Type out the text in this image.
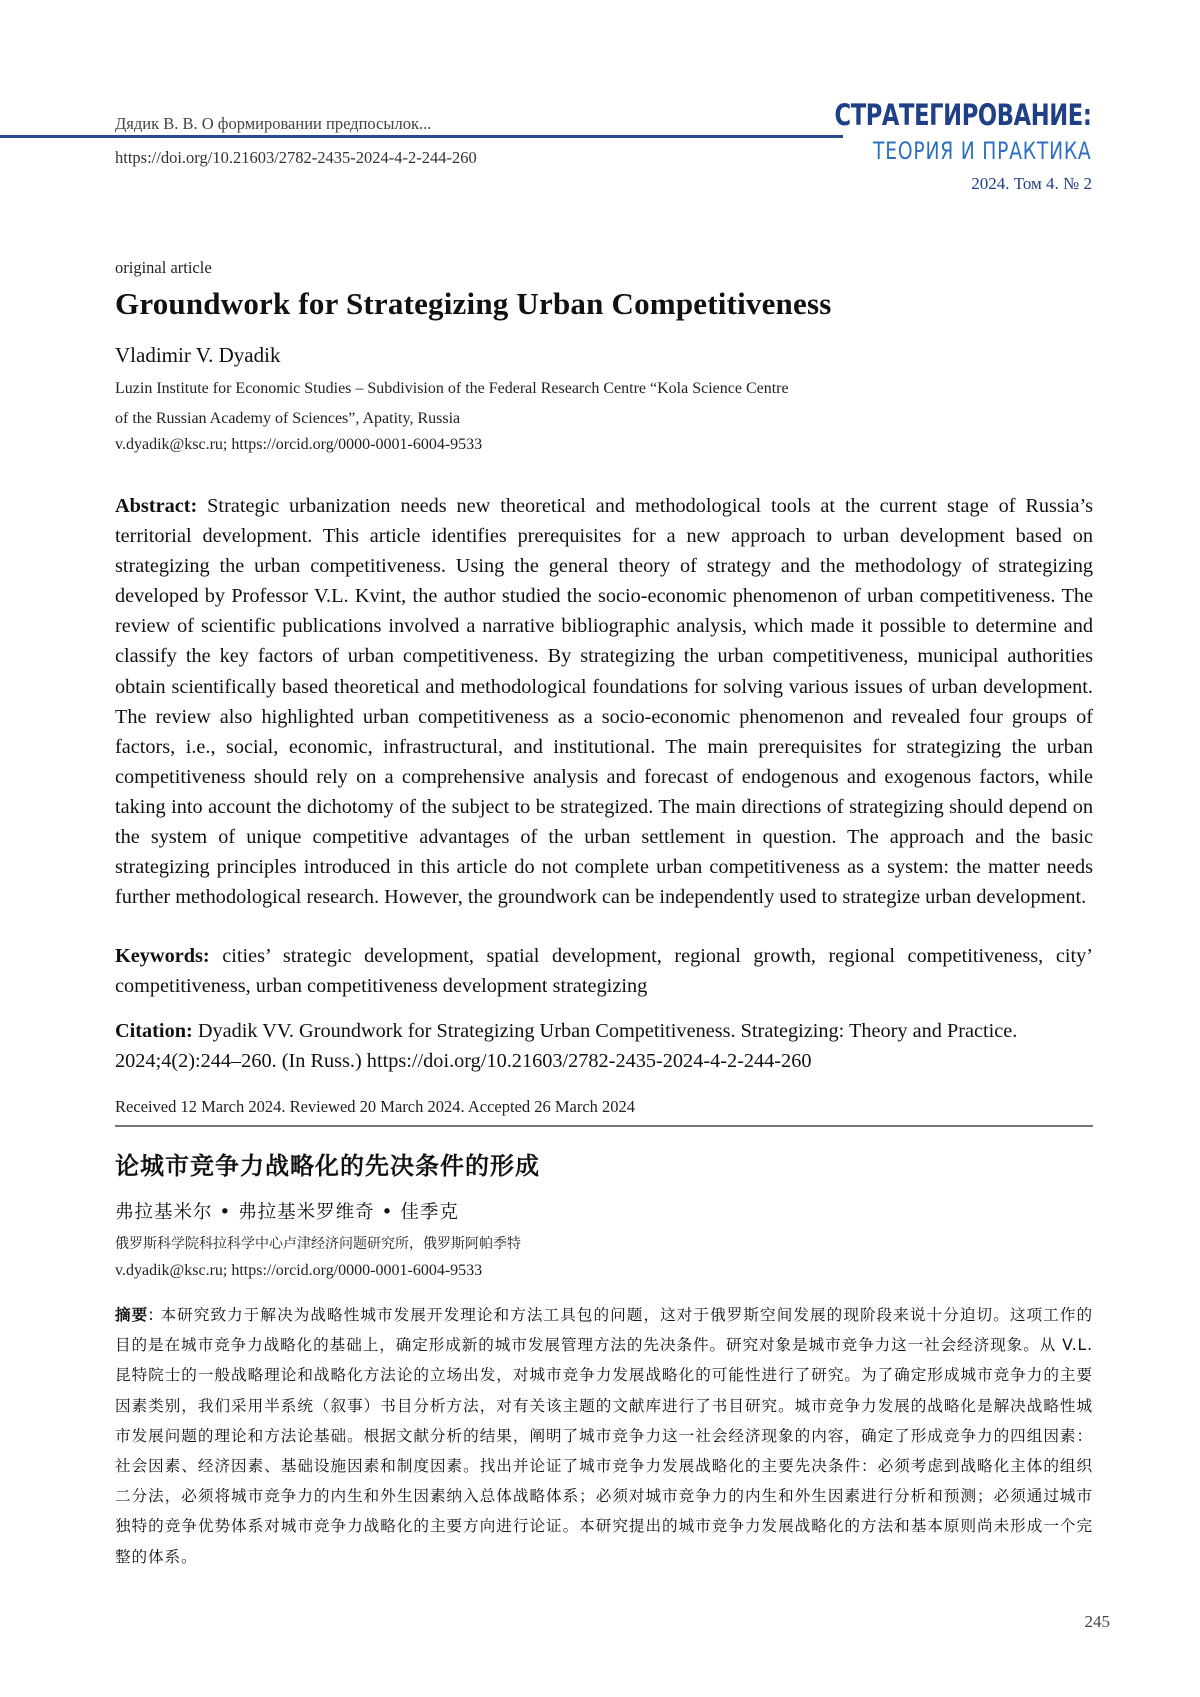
Дядик В. В. О формировании предпосылок...
https://doi.org/10.21603/2782-2435-2024-4-2-244-260
СТРАТЕГИРОВАНИЕ:
ТЕОРИЯ И ПРАКТИКА
2024. Том 4. № 2
original article
Groundwork for Strategizing Urban Competitiveness
Vladimir V. Dyadik
Luzin Institute for Economic Studies – Subdivision of the Federal Research Centre “Kola Science Centre
of the Russian Academy of Sciences”, Apatity, Russia
v.dyadik@ksc.ru; https://orcid.org/0000-0001-6004-9533
Abstract: Strategic urbanization needs new theoretical and methodological tools at the current stage of Russia’s territorial development. This article identifies prerequisites for a new approach to urban development based on strategizing the urban competitiveness. Using the general theory of strategy and the methodology of strategizing developed by Professor V.L. Kvint, the author studied the socio-economic phenomenon of urban competitiveness. The review of scientific publications involved a narrative bibliographic analysis, which made it possible to determine and classify the key factors of urban competitiveness. By strategizing the urban competitiveness, municipal authorities obtain scientifically based theoretical and methodological foundations for solving various issues of urban development. The review also highlighted urban competitiveness as a socio-economic phenomenon and revealed four groups of factors, i.e., social, economic, infrastructural, and institutional. The main prerequisites for strategizing the urban competitiveness should rely on a comprehensive analysis and forecast of endogenous and exogenous factors, while taking into account the dichotomy of the subject to be strategized. The main directions of strategizing should depend on the system of unique competitive advantages of the urban settlement in question. The approach and the basic strategizing principles introduced in this article do not complete urban competitiveness as a system: the matter needs further methodological research. However, the groundwork can be independently used to strategize urban development.
Keywords: cities’ strategic development, spatial development, regional growth, regional competitiveness, city’ competitiveness, urban competitiveness development strategizing
Citation: Dyadik VV. Groundwork for Strategizing Urban Competitiveness. Strategizing: Theory and Practice. 2024;4(2):244–260. (In Russ.) https://doi.org/10.21603/2782-2435-2024-4-2-244-260
Received 12 March 2024. Reviewed 20 March 2024. Accepted 26 March 2024
论城市竞争力战略化的先决条件的形成
弗拉基米尔 • 弗拉基米罗维奇 • 佳季克
俄罗斯科学院科拉科学中心卢津经济问题研究所，俄罗斯阿帕季特
v.dyadik@ksc.ru; https://orcid.org/0000-0001-6004-9533
摘要: 本研究致力于解决为战略性城市发展开发理论和方法工具包的问题，这对于俄罗斯空间发展的现阶段来说十分迫切。这项工作的目的是在城市竞争力战略化的基础上，确定形成新的城市发展管理方法的先决条件。研究对象是城市竞争力这一社会经济现象。从 V.L. 昆特院士的一般战略理论和战略化方法论的立场出发，对城市竞争力发展战略化的可能性进行了研究。为了确定形成城市竞争力的主要因素类别，我们采用半系统（叙事）书目分析方法，对有关该主题的文献库进行了书目研究。城市竞争力发展的战略化是解决战略性城市发展问题的理论和方法论基础。根据文献分析的结果，阐明了城市竞争力这一社会经济现象的内容，确定了形成竞争力的四组因素：社会因素、经济因素、基础设施因素和制度因素。找出并论证了城市竞争力发展战略化的主要先决条件：必须考虑到战略化主体的组织二分法，必须将城市竞争力的内生和外生因素纳入总体战略体系；必须对城市竞争力的内生和外生因素进行分析和预测；必须通过城市独特的竞争优势体系对城市竞争力战略化的主要方向进行论证。本研究提出的城市竞争力发展战略化的方法和基本原则尚未形成一个完整的体系。
245
